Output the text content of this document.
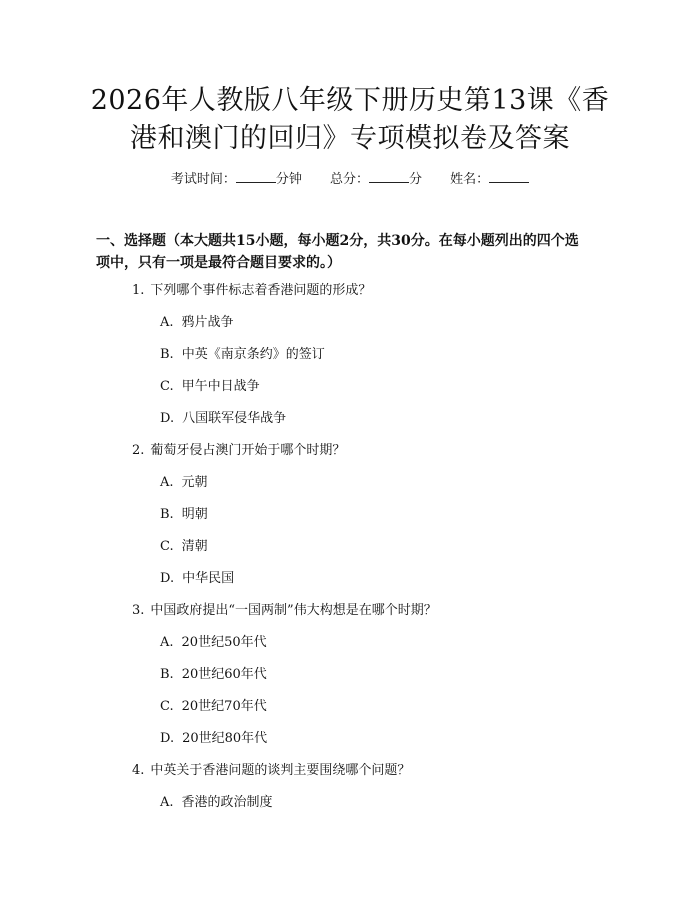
2026年人教版八年级下册历史第13课《香
港和澳门的回归》专项模拟卷及答案
考试时间：	分钟 总分：	分 姓名：
一、选择题（本大题共15小题，每小题2分，共30分。在每小题列出的四个选
项中，只有一项是最符合题目要求的。）
1. 下列哪个事件标志着香港问题的形成？
A. 鸦片战争
B. 中英《南京条约》的签订
C. 甲午中日战争
D. 八国联军侵华战争
2. 葡萄牙侵占澳门开始于哪个时期？
A. 元朝
B. 明朝
C. 清朝
D. 中华民国
3. 中国政府提出“一国两制”伟大构想是在哪个时期？
A. 20世纪50年代
B. 20世纪60年代
C. 20世纪70年代
D. 20世纪80年代
4. 中英关于香港问题的谈判主要围绕哪个问题？
A. 香港的政治制度
